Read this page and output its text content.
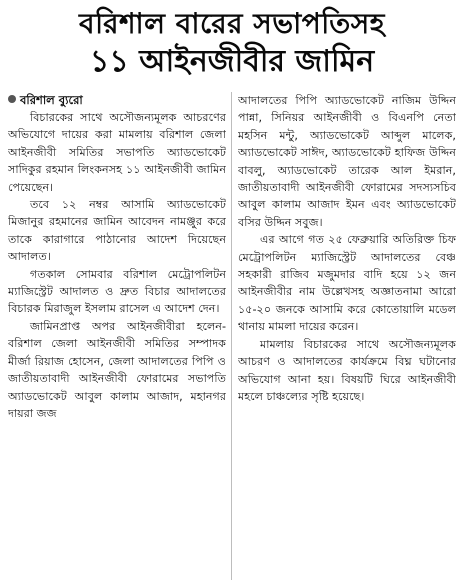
বরিশাল বারের সভাপতিসহ
১১ আইনজীবীর জামিন
বরিশাল ব্যুরো

বিচারকের সাথে অসৌজন্যমূলক আচরণের অভিযোগে দায়ের করা মামলায় বরিশাল জেলা আইনজীবী সমিতির সভাপতি অ্যাডভোকেট সাদিকুর রহমান লিংকনসহ ১১ আইনজীবী জামিন পেয়েছেন।

তবে ১২ নম্বর আসামি অ্যাডভোকেট মিজানুর রহমানের জামিন আবেদন নামঞ্জুর করে তাকে কারাগারে পাঠানোর আদেশ দিয়েছেন আদালত।

গতকাল সোমবার বরিশাল মেট্রোপলিটন ম্যাজিস্ট্রেট আদালত ও দ্রুত বিচার আদালতের বিচারক মিরাজুল ইসলাম রাসেল এ আদেশ দেন।

জামিনপ্রাপ্ত অপর আইনজীবীরা হলেন- বরিশাল জেলা আইনজীবী সমিতির সম্পাদক মীর্জা রিয়াজ হোসেন, জেলা আদালতের পিপি ও জাতীয়তাবাদী আইনজীবী ফোরামের সভাপতি অ্যাডভোকেট আবুল কালাম আজাদ, মহানগর দায়রা জজ

আদালতের পিপি অ্যাডভোকেট নাজিম উদ্দিন পান্না, সিনিয়র আইনজীবী ও বিএনপি নেতা মহসিন মন্টু, অ্যাডভোকেট আব্দুল মালেক, অ্যাডভোকেট সাঈদ, অ্যাডভোকেট হাফিজ উদ্দিন বাবলু, অ্যাডভোকেট তারেক আল ইমরান, জাতীয়তাবাদী আইনজীবী ফোরামের সদস্যসচিব আবুল কালাম আজাদ ইমন এবং অ্যাডভোকেট বসির উদ্দিন সবুজ।

এর আগে গত ২৫ ফেব্রুয়ারি অতিরিক্ত চিফ মেট্রোপলিটন ম্যাজিস্ট্রেট আদালতের বেঞ্চ সহকারী রাজিব মজুমদার বাদি হয়ে ১২ জন আইনজীবীর নাম উল্লেখসহ অজ্ঞাতনামা আরো ১৫-২০ জনকে আসামি করে কোতোয়ালি মডেল থানায় মামলা দায়ের করেন।

মামলায় বিচারকের সাথে অসৌজন্যমূলক আচরণ ও আদালতের কার্যক্রমে বিঘ্ন ঘটানোর অভিযোগ আনা হয়। বিষয়টি ঘিরে আইনজীবী মহলে চাঞ্চল্যের সৃষ্টি হয়েছে।
